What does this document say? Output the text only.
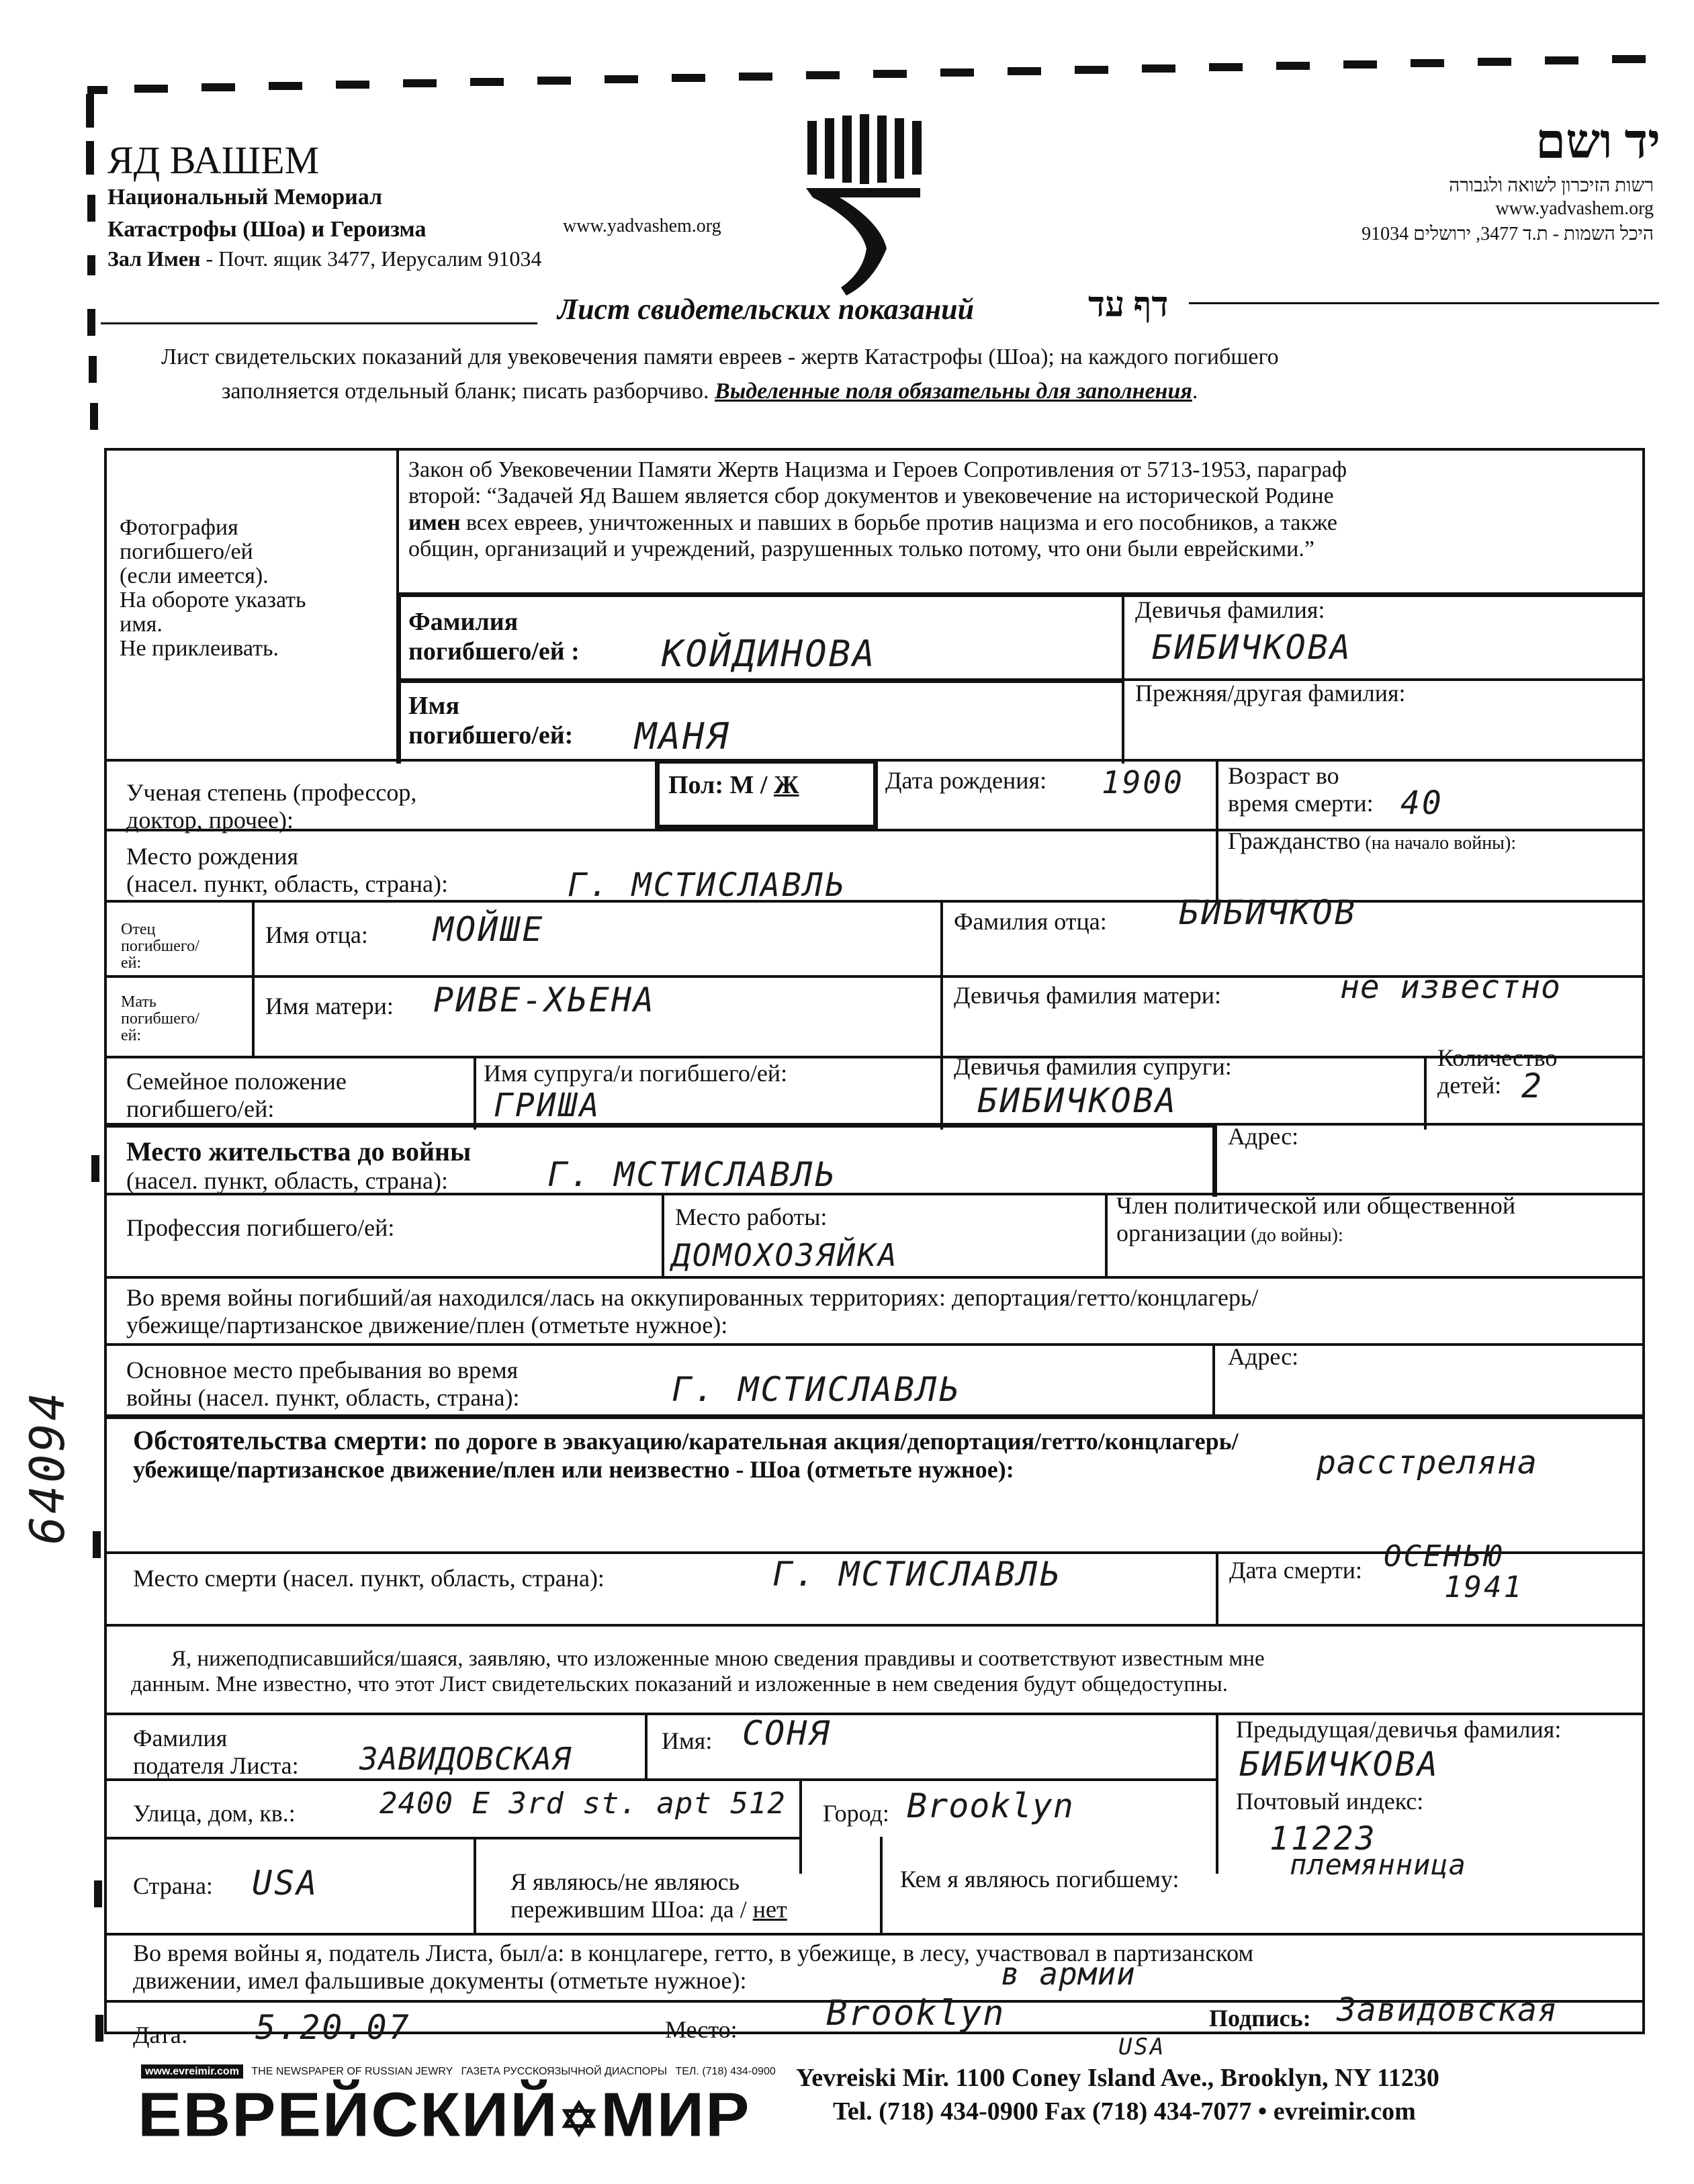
ЯД ВАШЕМ
Национальный Мемориал
Катастрофы (Шоа) и Героизма	www.yadvashem.org
Зал Имен - Почт. ящик 3477, Иерусалим 91034
יד ושם
רשות הזיכרון לשואה ולגבורה
www.yadvashem.org
היכל השמות - ת.ד 3477, ירושלים 91034
Лист свидетельских показаний	דף עד
Лист свидетельских показаний для увековечения памяти евреев - жертв Катастрофы (Шоа); на каждого погибшего
заполняется отдельный бланк; писать разборчиво. Выделенные поля обязательны для заполнения.
Фотография
погибшего/ей
(если имеется).
На обороте указать
имя.
Не приклеивать.
Закон об Увековечении Памяти Жертв Нацизма и Героев Сопротивления от 5713-1953, параграф
второй: “Задачей Яд Вашем является сбор документов и увековечение на исторической Родине
имен всех евреев, уничтоженных и павших в борьбе против нацизма и его пособников, а также
общин, организаций и учреждений, разрушенных только потому, что они были еврейскими.”
Фамилия
погибшего/ей : КОЙДИНОВА
Девичья фамилия:
БИБИЧКОВА
Имя
погибшего/ей: МАНЯ
Прежняя/другая фамилия:
Ученая степень (профессор,
доктор, прочее):
Пол: М / Ж	Дата рождения: 1900 Возраст во
время смерти: 40
Место рождения
(насел. пункт, область, страна):	Г. МСТИСЛАВЛЬ
Гражданство (на начало войны):
Отец
погибшего/
ей:
Имя отца: МОЙШЕ	Фамилия отца: БИБИЧКОВ
Мать
погибшего/
ей:
Имя матери: РИВЕ-ХЬЕНА	Девичья фамилия матери:	не известно
Семейное положение
погибшего/ей:
Имя супруга/и погибшего/ей:
ГРИША
Девичья фамилия супруги:
БИБИЧКОВА
Количество
детей: 2
Место жительства до войны
(насел. пункт, область, страна):	Г. МСТИСЛАВЛЬ
Адрес:
Профессия погибшего/ей:	Место работы:
ДОМОХОЗЯЙКА
Член политической или общественной
организации (до войны):
Во время войны погибший/ая находился/лась на оккупированных территориях: депортация/гетто/концлагерь/
убежище/партизанское движение/плен (отметьте нужное):
Основное место пребывания во время
войны (насел. пункт, область, страна):	Г. МСТИСЛАВЛЬ
Адрес:
Обстоятельства смерти: по дороге в эвакуацию/карательная акция/депортация/гетто/концлагерь/
убежище/партизанское движение/плен или неизвестно - Шоа (отметьте нужное):	расстреляна
Место смерти (насел. пункт, область, страна):	Г. МСТИСЛАВЛЬ	Дата смерти: ОСЕНЬЮ
1941
Я, нижеподписавшийся/шаяся, заявляю, что изложенные мною сведения правдивы и соответствуют известным мне
данным. Мне известно, что этот Лист свидетельских показаний и изложенные в нем сведения будут общедоступны.
Фамилия
подателя Листа: ЗАВИДОВСКАЯ	Имя: СОНЯ	Предыдущая/девичья фамилия:
БИБИЧКОВА
Улица, дом, кв.:	2400 E 3rd st. apt 512 Город: Brooklyn	Почтовый индекс:
11223
Страна: USA	Я являюсь/не являюсь
пережившим Шоа: да / нет
Кем я являюсь погибшему:	племянница
Во время войны я, податель Листа, был/а: в концлагере, гетто, в убежище, в лесу, участвовал в партизанском
движении, имел фальшивые документы (отметьте нужное):	в армии
Дата: 5.20.07	Место:	Brooklyn
USA
Подпись: Завидовская
64094
www.evreimir.com THE NEWSPAPER OF RUSSIAN JEWRY ГАЗЕТА РУССКОЯЗЫЧНОЙ ДИАСПОРЫ ТЕЛ. (718) 434-0900
ЕВРЕЙСКИЙ✡МИР
Yevreiski Mir. 1100 Coney Island Ave., Brooklyn, NY 11230
Tel. (718) 434-0900 Fax (718) 434-7077 • evreimir.com
